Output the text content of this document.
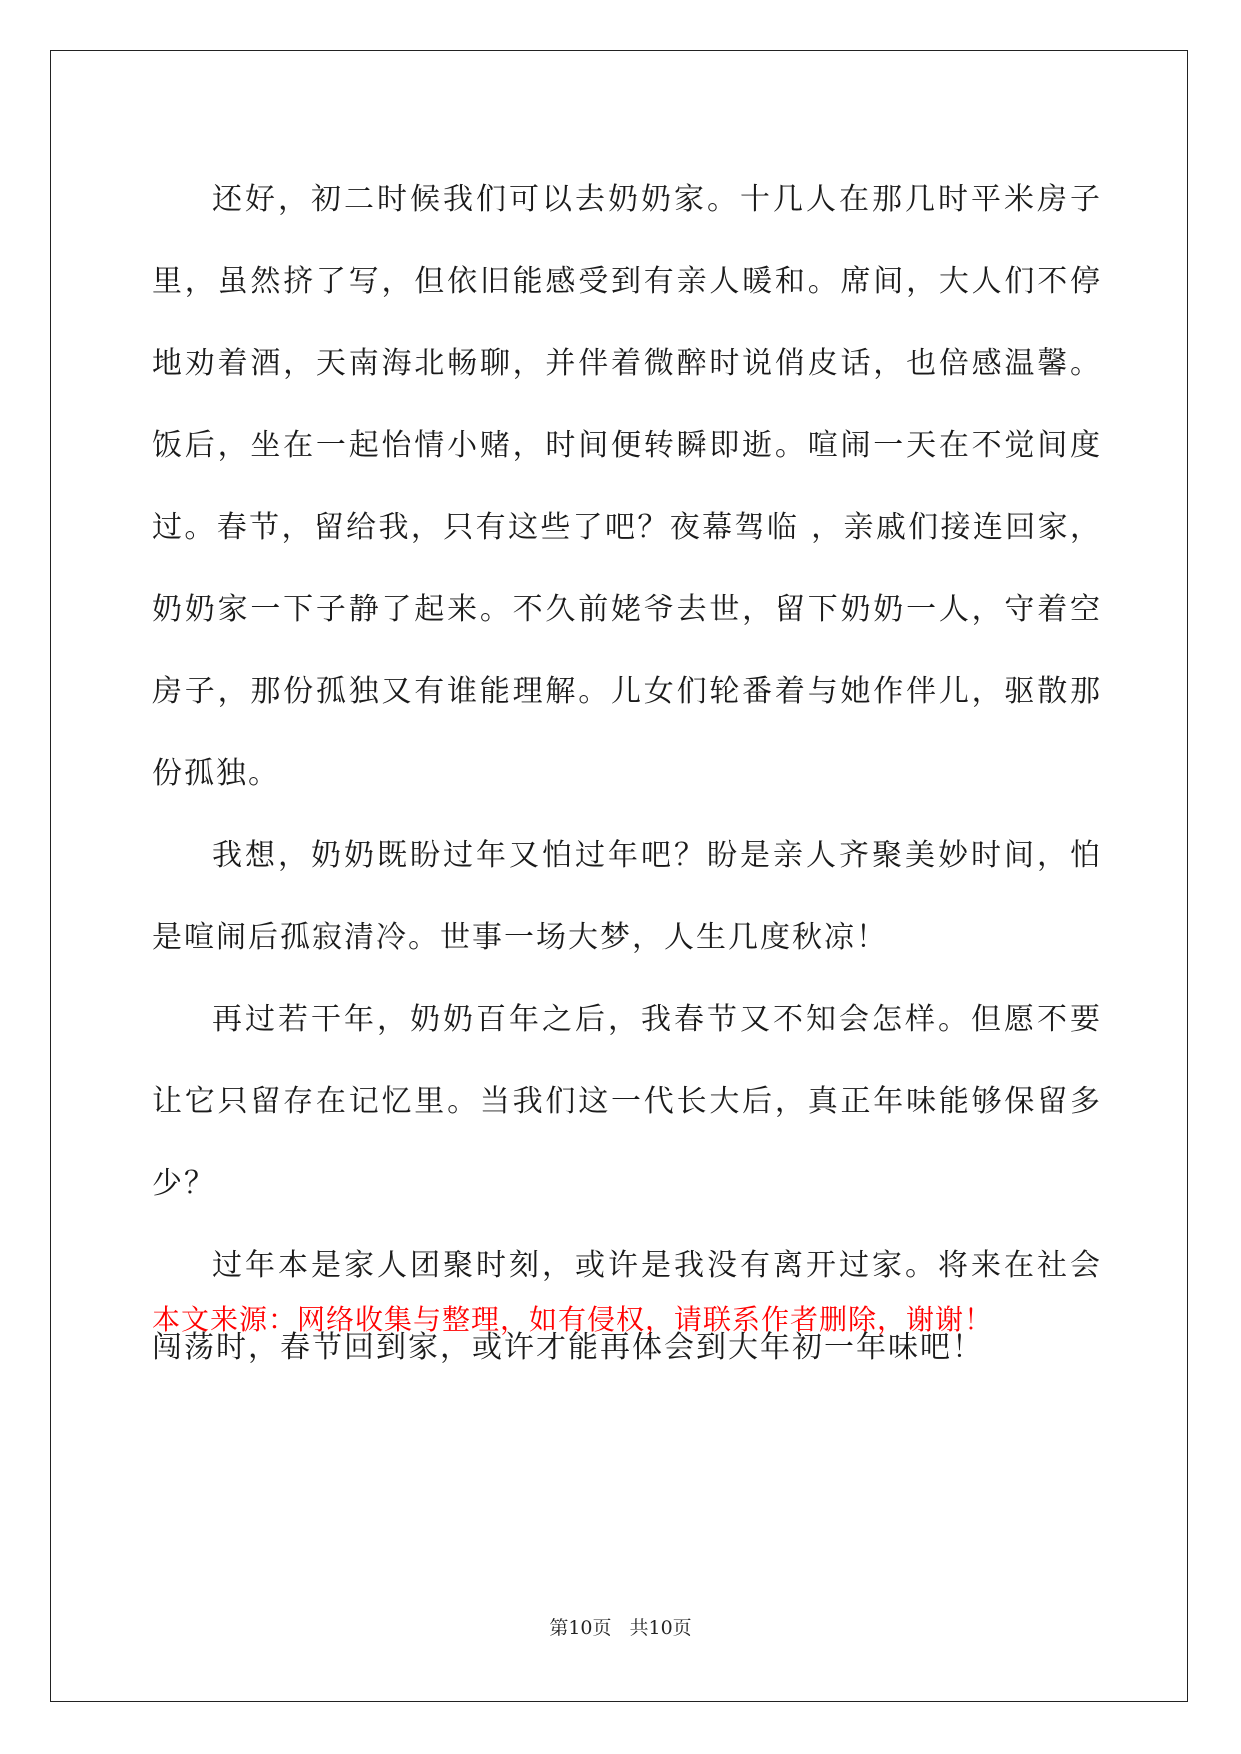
还好，初二时候我们可以去奶奶家。十几人在那几时平米房子里，虽然挤了写，但依旧能感受到有亲人暖和。席间，大人们不停地劝着酒，天南海北畅聊，并伴着微醉时说俏皮话，也倍感温馨。饭后，坐在一起怡情小赌，时间便转瞬即逝。喧闹一天在不觉间度过。春节，留给我，只有这些了吧？夜幕驾临 ，亲戚们接连回家，奶奶家一下子静了起来。不久前姥爷去世，留下奶奶一人，守着空房子，那份孤独又有谁能理解。儿女们轮番着与她作伴儿，驱散那份孤独。

我想，奶奶既盼过年又怕过年吧？盼是亲人齐聚美妙时间，怕是喧闹后孤寂清冷。世事一场大梦，人生几度秋凉！

再过若干年，奶奶百年之后，我春节又不知会怎样。但愿不要让它只留存在记忆里。当我们这一代长大后，真正年味能够保留多少？

过年本是家人团聚时刻，或许是我没有离开过家。将来在社会闯荡时，春节回到家，或许才能再体会到大年初一年味吧！

本文来源：网络收集与整理，如有侵权，请联系作者删除，谢谢！
第10页 共10页
